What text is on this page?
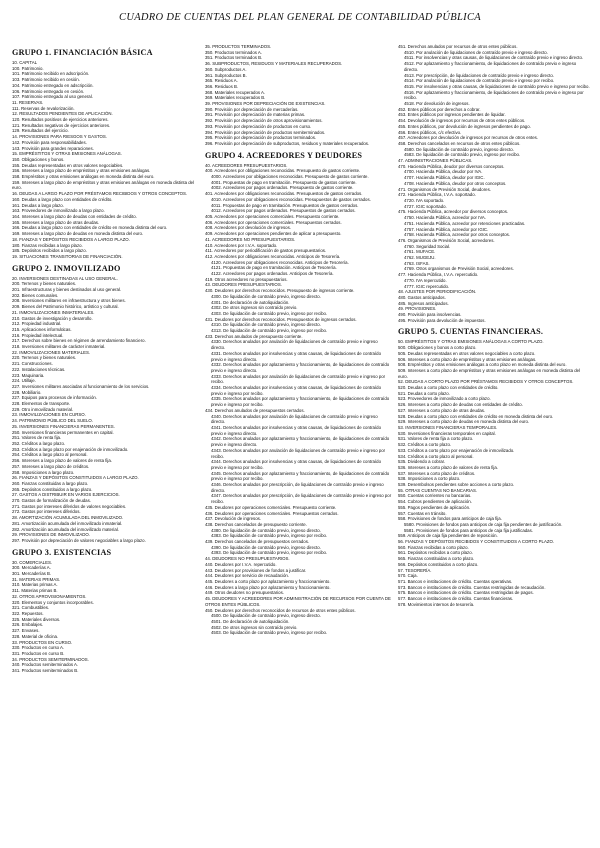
CUADRO DE CUENTAS DEL PLAN GENERAL DE CONTABILIDAD PÚBLICA
GRUPO 1. FINANCIACIÓN BÁSICA
10. CAPITAL
100. Patrimonio.
101. Patrimonio recibido en adscripción.
103. Patrimonio recibido en cesión.
104. Patrimonio entregado en adscripción.
106. Patrimonio entregado en cesión.
107. Patrimonio entregado al uso general.
11. RESERVAS.
111. Reservas de revalorización.
12. RESULTADOS PENDIENTES DE APLICACIÓN.
120. Resultados positivos de ejercicios anteriores.
121. Resultados negativos de ejercicios anteriores.
129. Resultados del ejercicio.
14. PROVISIONES PARA RIESGOS Y GASTOS.
142. Provisión para responsabilidades.
143. Provisión para grandes reparaciones.
15. EMPRÉSTITOS Y OTRAS EMISIONES ANÁLOGAS.
150. Obligaciones y bonos.
155. Deudas representadas en otros valores negociables.
156. Intereses a largo plazo de empréstitos y otras emisiones análogas.
158. Empréstitos y otras emisiones análogas en moneda distinta del euro.
159. Intereses a largo plazo de empréstitos y otras emisiones análogas en moneda distinta del euro.
16. DEUDAS A LARGO PLAZO POR PRÉSTAMOS RECIBIDOS Y OTROS CONCEPTOS.
160. Deudas a largo plazo con entidades de crédito.
161. Deudas a largo plazo.
163. Proveedores de inmovilizado a largo plazo.
164. Intereses a largo plazo de deudas con entidades de crédito.
165. Intereses a largo plazo de otras deudas.
166. Deudas a largo plazo con entidades de crédito en moneda distinta del euro.
169. Intereses a largo plazo de deudas en moneda distinta del euro.
18. FIANZAS Y DEPÓSITOS RECIBIDOS A LARGO PLAZO.
180. Fianzas recibidas a largo plazo.
185. Depósitos recibidos a largo plazo.
19. SITUACIONES TRANSITORIAS DE FINANCIACIÓN.
GRUPO 2. INMOVILIZADO
20. INVERSIONES DESTINADAS AL USO GENERAL.
200. Terrenos y bienes naturales.
201. Infraestructuras y bienes destinados al uso general.
202. Bienes comunales.
208. Inversiones militares en infraestructura y otros bienes.
209. Bienes del Patrimonio histórico, artístico y cultural.
21. INMOVILIZACIONES INMATERIALES.
210. Gastos de investigación y desarrollo.
212. Propiedad industrial.
215. Aplicaciones informáticas.
216. Propiedad intelectual.
217. Derechos sobre bienes en régimen de arrendamiento financiero.
218. Inversiones militares de carácter inmaterial.
22. INMOVILIZACIONES MATERIALES.
220. Terrenos y bienes naturales.
221. Construcciones.
222. Instalaciones técnicas.
223. Maquinaria.
224. Utillaje.
227. Inversiones militares asociadas al funcionamiento de los servicios.
228. Mobiliario.
227. Equipos para procesos de información.
228. Elementos de transporte.
229. Otro inmovilizado material.
23. INMOVILIZACIONES EN CURSO.
24. PATRIMONIO PÚBLICO DEL SUELO.
25. INVERSIONES FINANCIERAS PERMANENTES.
250. Inversiones financieras permanentes en capital.
251. Valores de renta fija.
252. Créditos a largo plazo.
253. Créditos a largo plazo por enajenación de inmovilizado.
254. Créditos a largo plazo al personal.
256. Intereses a largo plazo de valores de renta fija.
257. Intereses a largo plazo de créditos.
258. Imposiciones a largo plazo.
26. FIANZAS Y DEPÓSITOS CONSTITUIDOS A LARGO PLAZO.
260. Fianzas constituidas a largo plazo.
265. Depósitos constituidos a largo plazo.
27. GASTOS A DISTRIBUIR EN VARIOS EJERCICIOS.
270. Gastos de formalización de deudas.
271. Gastos por intereses diferidos de valores negociables.
272. Gastos por intereses diferidos.
28. AMORTIZACIÓN ACUMULADA DEL INMOVILIZADO.
281. Amortización acumulada del inmovilizado inmaterial.
282. Amortización acumulada del inmovilizado material.
29. PROVISIONES DE INMOVILIZADO.
297. Provisión por depreciación de valores negociables a largo plazo.
GRUPO 3. EXISTENCIAS
30. COMERCIALES.
300. Mercaderías A.
301. Mercaderías B.
31. MATERIAS PRIMAS.
310. Materias primas A.
311. Materias primas B.
32. OTROS APROVISIONAMIENTOS.
320. Elementos y conjuntos incorporables.
321. Combustibles.
322. Repuestos.
325. Materiales diversos.
326. Embalajes.
327. Envases.
328. Material de oficina.
33. PRODUCTOS EN CURSO.
330. Productos en curso A.
331. Productos en curso B.
34. PRODUCTOS SEMITERMINADOS.
340. Productos semiterminados A.
341. Productos semiterminados B.
35. PRODUCTOS TERMINADOS.
350. Productos terminados A.
351. Productos terminados B.
36. SUBPRODUCTOS, RESIDUOS Y MATERIALES RECUPERADOS.
360. Subproductos A.
361. Subproductos B.
365. Residuos A.
366. Residuos B.
368. Materiales recuperados A.
369. Materiales recuperados B.
39. PROVISIONES POR DEPRECIACIÓN DE EXISTENCIAS.
390. Provisión por depreciación de mercaderías.
391. Provisión por depreciación de materias primas.
392. Provisión por depreciación de otros aprovisionamientos.
393. Provisión por depreciación de productos en curso.
394. Provisión por depreciación de productos semiterminados.
395. Provisión por depreciación de productos terminados.
396. Provisión por depreciación de subproductos, residuos y materiales recuperados.
GRUPO 4. ACREEDORES Y DEUDORES
40. ACREEDORES PRESUPUESTARIOS.
400. Acreedores por obligaciones reconocidas. Presupuesto de gastos corriente.
4000. Acreedores por obligaciones reconocidas. Presupuesto de gastos corriente.
4001. Propuestas de pago en tramitación. Presupuesto de gastos corriente.
4002. Acreedores por pagos ordenados. Presupuesto de gastos corriente.
401. Acreedores por obligaciones reconocidas. Presupuestos de gastos cerrados.
4010. Acreedores por obligaciones reconocidas. Presupuestos de gastos cerrados.
4011. Propuestas de pago en tramitación. Presupuestos de gastos cerrados.
4012. Acreedores por pagos ordenados. Presupuestos de gastos cerrados.
405. Acreedores por operaciones comerciales. Presupuesto corriente.
406. Acreedores por operaciones comerciales. Presupuestos cerrados.
408. Acreedores por devolución de ingresos.
409. Acreedores por operaciones pendientes de aplicar a presupuesto.
41. ACREEDORES NO PRESUPUESTARIOS.
410. Acreedores por I.V.A. soportado.
411. Acreedores por periodificación de gastos presupuestarios.
412. Acreedores por obligaciones reconocidas. Anticipos de Tesorería.
4120. Acreedores por obligaciones reconocidas. Anticipos de Tesorería.
4121. Propuestas de pago en tramitación. Anticipos de Tesorería.
4122. Acreedores por pagos ordenados. Anticipos de Tesorería.
419. Otros acreedores no presupuestarios.
43. DEUDORES PRESUPUESTARIOS.
430. Deudores por derechos reconocidos. Presupuesto de ingresos corriente.
4300. De liquidación de contraído previo, ingreso directo.
4301. De declaración de autoliquidación.
4302. De otros ingresos sin contraído previo.
4303. De liquidación de contraído previo, ingreso por recibo.
431. Deudores por derechos reconocidos. Presupuestos de ingresos cerrados.
4310. De liquidación de contraído previo, ingreso directo.
4313. De liquidación de contraído previo, ingreso por recibo.
433. Derechos anulados de presupuesto corriente.
4330. Derechos anulados por anulación de liquidaciones de contraído previo e ingreso directo.
4331. Derechos anulados por insolvencias y otras causas, de liquidaciones de contraído previo e ingreso directo.
4332. Derechos anulados por aplazamiento y fraccionamiento, de liquidaciones de contraído previo e ingreso directo.
4333. Derechos anulados por anulación de liquidaciones de contraído previo e ingreso por recibo.
4334. Derechos anulados por insolvencias y otras causas, de liquidaciones de contraído previo e ingreso por recibo.
4335. Derechos anulados por aplazamiento y fraccionamiento, de liquidaciones de contraído previo e ingreso por recibo.
434. Derechos anulados de presupuestos cerrados.
4340. Derechos anulados por anulación de liquidaciones de contraído previo e ingreso directo.
4341. Derechos anulados por insolvencias y otras causas, de liquidaciones de contraído previo e ingreso directo.
4342. Derechos anulados por aplazamiento y fraccionamiento, de liquidaciones de contraído previo e ingreso directo.
4343. Derechos anulados por anulación de liquidaciones de contraído previo e ingreso por recibo.
4344. Derechos anulados por insolvencias y otras causas, de liquidaciones de contraído previo e ingreso por recibo.
4345. Derechos anulados por aplazamiento y fraccionamiento, de liquidaciones de contraído previo e ingreso por recibo.
4346. Derechos anulados por prescripción, de liquidaciones de contraído previo e ingreso directo.
4347. Derechos anulados por prescripción, de liquidaciones de contraído previo e ingreso por recibo.
435. Deudores por operaciones comerciales. Presupuesto corriente.
436. Deudores por operaciones comerciales. Presupuestos cerrados.
437. Devolución de ingresos.
438. Derechos cancelados de presupuesto corriente.
4380. De liquidación de contraído previo, ingreso directo.
4383. De liquidación de contraído previo, ingreso por recibo.
439. Derechos cancelados de presupuestos cerrados.
4390. De liquidación de contraído previo, ingreso directo.
4393. De liquidación de contraído previo, ingreso por recibo.
44. DEUDORES NO PRESUPUESTARIOS.
440. Deudores por I.V.A. repercutido.
443. Deudores por provisiones de fondos a justificar.
444. Deudores por servicio de recaudación.
445. Deudores a corto plazo por aplazamiento y fraccionamiento.
446. Deudores a largo plazo por aplazamiento y fraccionamiento.
449. Otros deudores no presupuestarios.
45. DEUDORES Y ACREEDORES POR ADMINISTRACIÓN DE RECURSOS POR CUENTA DE OTROS ENTES PÚBLICOS.
450. Deudores por derechos reconocidos de recursos de otros entes públicos.
4500. De liquidación de contraído previo, ingreso directo.
4501. De declaración de autoliquidación.
4502. De otros ingresos sin contraído previo.
4503. De liquidación de contraído previo, ingreso por recibo.
451. Derechos anulados por recursos de otros entes públicos.
4510. Por anulación de liquidaciones de contraído previo e ingreso directo.
4511. Por insolvencias y otras causas, de liquidaciones de contraído previo e ingreso directo.
4512. Por aplazamiento y fraccionamiento, de liquidaciones de contraído previo e ingreso directo.
4513. Por prescripción, de liquidaciones de contraído previo e ingreso directo.
4514. Por anulación de liquidaciones de contraído previo e ingreso por recibo.
4515. Por insolvencias y otras causas, de liquidaciones de contraído previo e ingreso por recibo.
4516. Por aplazamiento y fraccionamiento, de liquidaciones de contraído previo e ingreso por recibo.
4518. Por devolución de ingresos.
452. Entes públicos por derechos a cobrar.
453. Entes públicos por ingresos pendientes de liquidar.
454. Devolución de ingresos por recursos de otros entes públicos.
455. Entes públicos, por devolución de ingresos pendientes de pago.
456. Entes públicos, c/c efectivo.
457. Acreedores por devolución de ingresos por recursos de otros entes.
458. Derechos cancelados en recursos de otros entes públicos.
4580. De liquidación de contraído previo, ingreso directo.
4583. De liquidación de contraído previo, ingreso por recibo.
47. ADMINISTRACIONES PÚBLICAS.
470. Hacienda Pública, deudor por diversos conceptos.
4700. Hacienda Pública, deudor por IVA.
4707. Hacienda Pública, deudor por IGIC.
4708. Hacienda Pública, deudor por otros conceptos.
471. Organismos de Previsión Social, deudores.
472. Hacienda Pública, I.V.A. soportado.
4720. IVA soportado.
4727. IGIC soportado.
475. Hacienda Pública, acreedor por diversos conceptos.
4750. Hacienda Pública, acreedor por IVA.
4751. Hacienda Pública, acreedor por retenciones practicadas.
4757. Hacienda Pública, acreedor por IGIC.
4758. Hacienda Pública, acreedor por otros conceptos.
476. Organismos de Previsión Social, acreedores.
4760. Seguridad Social.
4761. MUFACE.
4762. MUGEJU.
4763. ISFAS.
4769. Otros organismos de Previsión Social, acreedores.
477. Hacienda Pública, I.V.A. repercutido.
4770. IVA repercutido.
4777. IGIC repercutido.
48. AJUSTES POR PERIODIFICACIÓN.
480. Gastos anticipados.
485. Ingresos anticipados.
49. PROVISIONES.
490. Provisión para insolvencias.
495. Provisión para devolución de impuestos.
GRUPO 5. CUENTAS FINANCIERAS.
50. EMPRÉSTITOS Y OTRAS EMISIONES ANÁLOGAS A CORTO PLAZO.
500. Obligaciones y bonos a corto plazo.
505. Deudas representadas en otros valores negociables a corto plazo.
506. Intereses a corto plazo de empréstitos y otras emisiones análogas.
508. Empréstitos y otras emisiones análogas a corto plazo en moneda distinta del euro.
509. Intereses a corto plazo de empréstitos y otras emisiones análogas en moneda distinta del euro.
52. DEUDAS A CORTO PLAZO POR PRÉSTAMOS RECIBIDOS Y OTROS CONCEPTOS.
520. Deudas a corto plazo con entidades de crédito.
521. Deudas a corto plazo.
523. Proveedores de inmovilizado a corto plazo.
526. Intereses a corto plazo de deudas con entidades de crédito.
527. Intereses a corto plazo de otras deudas.
528. Deudas a corto plazo con entidades de crédito en moneda distinta del euro.
529. Intereses a corto plazo de deudas en moneda distinta del euro.
53. INVERSIONES FINANCIERAS TEMPORALES.
530. Inversiones financieras temporales en capital.
531. Valores de renta fija a corto plazo.
532. Créditos a corto plazo.
533. Créditos a corto plazo por enajenación de inmovilizado.
534. Créditos a corto plazo al personal.
535. Dividendo a cobrar.
536. Intereses a corto plazo de valores de renta fija.
537. Intereses a corto plazo de créditos.
538. Imposiciones a corto plazo.
539. Desembolsos pendientes sobre acciones a corto plazo.
55. OTRAS CUENTAS NO BANCARIAS.
550. Cuentas corrientes no bancarias.
554. Cobros pendientes de aplicación.
555. Pagos pendientes de aplicación.
557. Cuentas en tránsito.
558. Provisiones de fondos para anticipos de caja fija.
5580. Provisiones de fondos para anticipos de caja fija pendientes de justificación.
5581. Provisiones de fondos para anticipos de caja fija justificadas.
559. Anticipos de caja fija pendientes de reposición.
56. FIANZAS Y DEPÓSITOS RECIBIDOS Y CONSTITUIDOS A CORTO PLAZO.
560. Fianzas recibidas a corto plazo.
561. Depósitos recibidos a corto plazo.
565. Fianzas constituidas a corto plazo.
566. Depósitos constituidos a corto plazo.
57. TESORERÍA.
570. Caja.
571. Bancos e instituciones de crédito. Cuentas operativas.
573. Bancos e instituciones de crédito. Cuentas restringidas de recaudación.
575. Bancos e instituciones de crédito. Cuentas restringidas de pagos.
577. Bancos e instituciones de crédito. Cuentas financieras.
578. Movimientos internos de tesorería.
